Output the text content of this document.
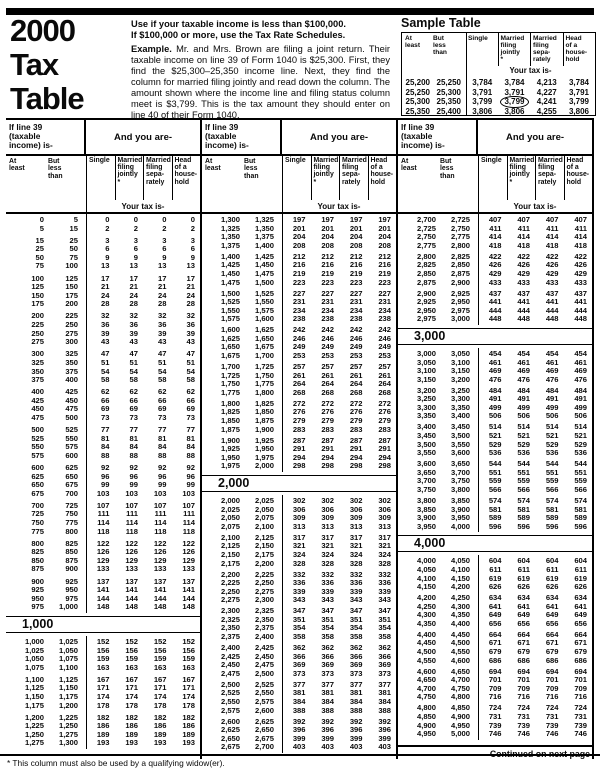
2000
Tax
Table
Use if your taxable income is less than $100,000.
If $100,000 or more, use the Tax Rate Schedules.
Example. Mr. and Mrs. Brown are filing a joint return. Their taxable income on line 39 of Form 1040 is $25,300. First, they find the $25,300–25,350 income line. Next, they find the column for married filing jointly and read down the column. The amount shown where the income line and filing status column meet is $3,799. This is the tax amount they should enter on line 40 of their Form 1040.
Sample Table
At
least
But
less
than
Single	Married
filing
jointly
*
Married
filing
sepa-
rately
Head
of a
house-
hold
Your tax is-
25,200 25,250	3,784	3,784	4,213	3,784
25,250 25,300	3,791	3,791	4,227	3,791
25,300 25,350	3,799	3,799	4,241	3,799
25,350 25,400	3,806	3,806	4,255	3,806
If line 39
(taxable
income) is-
And you are-
At
least
But
less
than
Single	Married
filing
jointly
*
Married
filing
sepa-
rately
Head
of a
house-
hold
Your tax is-
0	5	0	0	0	0
5	15	2	2	2	2
15	25	3	3	3	3
25	50	6	6	6	6
50	75	9	9	9	9
75	100	13	13	13	13
100	125	17	17	17	17
125	150	21	21	21	21
150	175	24	24	24	24
175	200	28	28	28	28
200	225	32	32	32	32
225	250	36	36	36	36
250	275	39	39	39	39
275	300	43	43	43	43
300	325	47	47	47	47
325	350	51	51	51	51
350	375	54	54	54	54
375	400	58	58	58	58
400	425	62	62	62	62
425	450	66	66	66	66
450	475	69	69	69	69
475	500	73	73	73	73
500	525	77	77	77	77
525	550	81	81	81	81
550	575	84	84	84	84
575	600	88	88	88	88
600	625	92	92	92	92
625	650	96	96	96	96
650	675	99	99	99	99
675	700	103	103	103	103
700	725	107	107	107	107
725	750	111	111	111	111
750	775	114	114	114	114
775	800	118	118	118	118
800	825	122	122	122	122
825	850	126	126	126	126
850	875	129	129	129	129
875	900	133	133	133	133
900	925	137	137	137	137
925	950	141	141	141	141
950	975	144	144	144	144
975	1,000	148	148	148	148
1,000
1,000	1,025	152	152	152	152
1,025	1,050	156	156	156	156
1,050	1,075	159	159	159	159
1,075	1,100	163	163	163	163
1,100	1,125	167	167	167	167
1,125	1,150	171	171	171	171
1,150	1,175	174	174	174	174
1,175	1,200	178	178	178	178
1,200	1,225	182	182	182	182
1,225	1,250	186	186	186	186
1,250	1,275	189	189	189	189
1,275	1,300	193	193	193	193
If line 39
(taxable
income) is-
And you are-
At
least
But
less
than
Single	Married
filing
jointly
*
Married
filing
sepa-
rately
Head
of a
house-
hold
Your tax is-
1,300	1,325	197	197	197	197
1,325	1,350	201	201	201	201
1,350	1,375	204	204	204	204
1,375	1,400	208	208	208	208
1,400	1,425	212	212	212	212
1,425	1,450	216	216	216	216
1,450	1,475	219	219	219	219
1,475	1,500	223	223	223	223
1,500	1,525	227	227	227	227
1,525	1,550	231	231	231	231
1,550	1,575	234	234	234	234
1,575	1,600	238	238	238	238
1,600	1,625	242	242	242	242
1,625	1,650	246	246	246	246
1,650	1,675	249	249	249	249
1,675	1,700	253	253	253	253
1,700	1,725	257	257	257	257
1,725	1,750	261	261	261	261
1,750	1,775	264	264	264	264
1,775	1,800	268	268	268	268
1,800	1,825	272	272	272	272
1,825	1,850	276	276	276	276
1,850	1,875	279	279	279	279
1,875	1,900	283	283	283	283
1,900	1,925	287	287	287	287
1,925	1,950	291	291	291	291
1,950	1,975	294	294	294	294
1,975	2,000	298	298	298	298
2,000
2,000	2,025	302	302	302	302
2,025	2,050	306	306	306	306
2,050	2,075	309	309	309	309
2,075	2,100	313	313	313	313
2,100	2,125	317	317	317	317
2,125	2,150	321	321	321	321
2,150	2,175	324	324	324	324
2,175	2,200	328	328	328	328
2,200	2,225	332	332	332	332
2,225	2,250	336	336	336	336
2,250	2,275	339	339	339	339
2,275	2,300	343	343	343	343
2,300	2,325	347	347	347	347
2,325	2,350	351	351	351	351
2,350	2,375	354	354	354	354
2,375	2,400	358	358	358	358
2,400	2,425	362	362	362	362
2,425	2,450	366	366	366	366
2,450	2,475	369	369	369	369
2,475	2,500	373	373	373	373
2,500	2,525	377	377	377	377
2,525	2,550	381	381	381	381
2,550	2,575	384	384	384	384
2,575	2,600	388	388	388	388
2,600	2,625	392	392	392	392
2,625	2,650	396	396	396	396
2,650	2,675	399	399	399	399
2,675	2,700	403	403	403	403
If line 39
(taxable
income) is-
And you are-
At
least
But
less
than
Single	Married
filing
jointly
*
Married
filing
sepa-
rately
Head
of a
house-
hold
Your tax is-
2,700	2,725	407	407	407	407
2,725	2,750	411	411	411	411
2,750	2,775	414	414	414	414
2,775	2,800	418	418	418	418
2,800	2,825	422	422	422	422
2,825	2,850	426	426	426	426
2,850	2,875	429	429	429	429
2,875	2,900	433	433	433	433
2,900	2,925	437	437	437	437
2,925	2,950	441	441	441	441
2,950	2,975	444	444	444	444
2,975	3,000	448	448	448	448
3,000
3,000	3,050	454	454	454	454
3,050	3,100	461	461	461	461
3,100	3,150	469	469	469	469
3,150	3,200	476	476	476	476
3,200	3,250	484	484	484	484
3,250	3,300	491	491	491	491
3,300	3,350	499	499	499	499
3,350	3,400	506	506	506	506
3,400	3,450	514	514	514	514
3,450	3,500	521	521	521	521
3,500	3,550	529	529	529	529
3,550	3,600	536	536	536	536
3,600	3,650	544	544	544	544
3,650	3,700	551	551	551	551
3,700	3,750	559	559	559	559
3,750	3,800	566	566	566	566
3,800	3,850	574	574	574	574
3,850	3,900	581	581	581	581
3,900	3,950	589	589	589	589
3,950	4,000	596	596	596	596
4,000
4,000	4,050	604	604	604	604
4,050	4,100	611	611	611	611
4,100	4,150	619	619	619	619
4,150	4,200	626	626	626	626
4,200	4,250	634	634	634	634
4,250	4,300	641	641	641	641
4,300	4,350	649	649	649	649
4,350	4,400	656	656	656	656
4,400	4,450	664	664	664	664
4,450	4,500	671	671	671	671
4,500	4,550	679	679	679	679
4,550	4,600	686	686	686	686
4,600	4,650	694	694	694	694
4,650	4,700	701	701	701	701
4,700	4,750	709	709	709	709
4,750	4,800	716	716	716	716
4,800	4,850	724	724	724	724
4,850	4,900	731	731	731	731
4,900	4,950	739	739	739	739
4,950	5,000	746	746	746	746
* This column must also be used by a qualifying widow(er).
